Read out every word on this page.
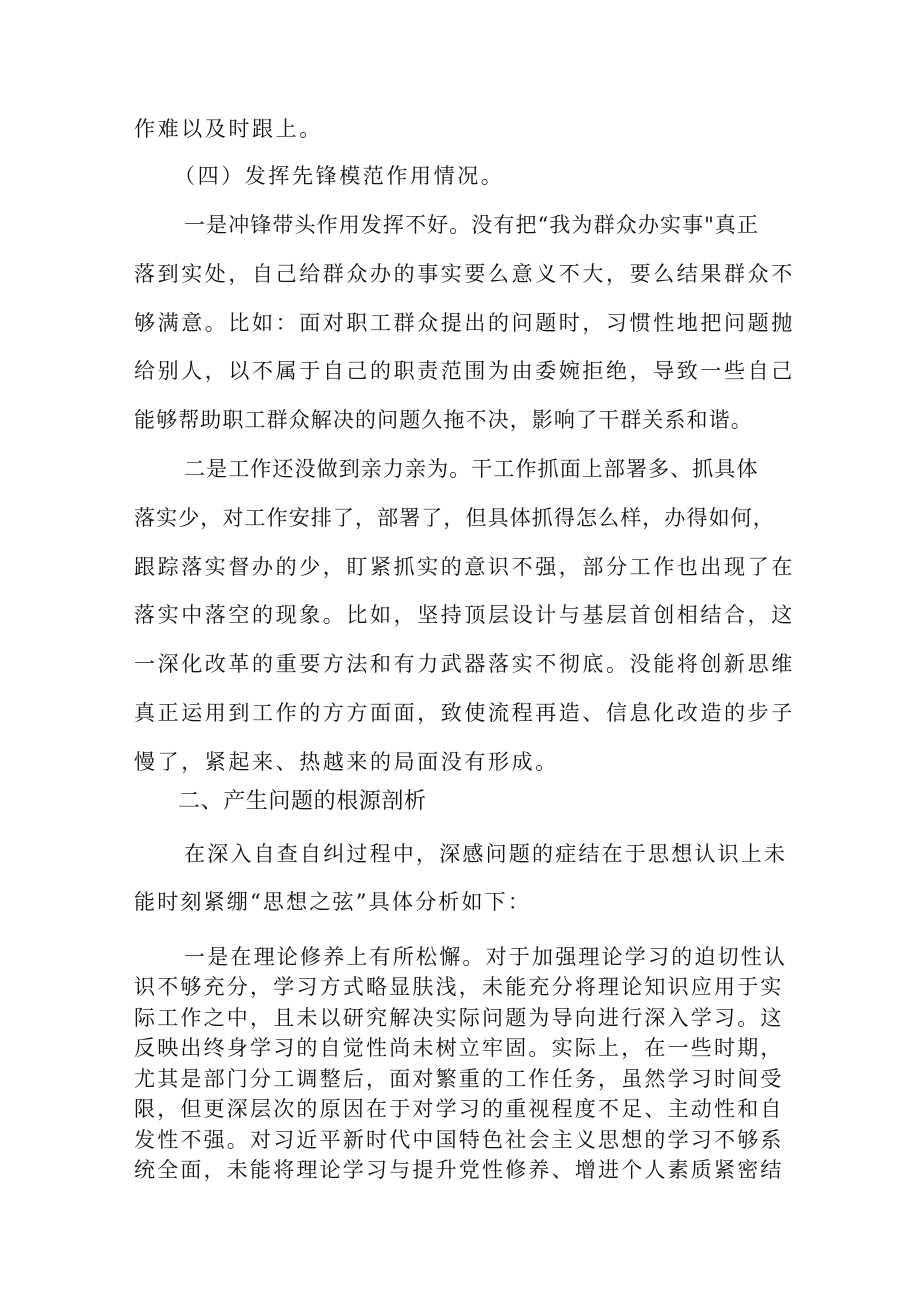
作难以及时跟上。
（四）发挥先锋模范作用情况。
一是冲锋带头作用发挥不好。没有把“我为群众办实事"真正
落到实处，自己给群众办的事实要么意义不大，要么结果群众不
够满意。比如：面对职工群众提出的问题时，习惯性地把问题抛
给别人，以不属于自己的职责范围为由委婉拒绝，导致一些自己
能够帮助职工群众解决的问题久拖不决，影响了干群关系和谐。
二是工作还没做到亲力亲为。干工作抓面上部署多、抓具体
落实少，对工作安排了，部署了，但具体抓得怎么样，办得如何，
跟踪落实督办的少，盯紧抓实的意识不强，部分工作也出现了在
落实中落空的现象。比如，坚持顶层设计与基层首创相结合，这
一深化改革的重要方法和有力武器落实不彻底。没能将创新思维
真正运用到工作的方方面面，致使流程再造、信息化改造的步子
慢了，紧起来、热越来的局面没有形成。
二、产生问题的根源剖析
在深入自查自纠过程中，深感问题的症结在于思想认识上未
能时刻紧绷“思想之弦”具体分析如下：
一是在理论修养上有所松懈。对于加强理论学习的迫切性认
识不够充分，学习方式略显肤浅，未能充分将理论知识应用于实
际工作之中，且未以研究解决实际问题为导向进行深入学习。这
反映出终身学习的自觉性尚未树立牢固。实际上，在一些时期，
尤其是部门分工调整后，面对繁重的工作任务，虽然学习时间受
限，但更深层次的原因在于对学习的重视程度不足、主动性和自
发性不强。对习近平新时代中国特色社会主义思想的学习不够系
统全面，未能将理论学习与提升党性修养、增进个人素质紧密结
